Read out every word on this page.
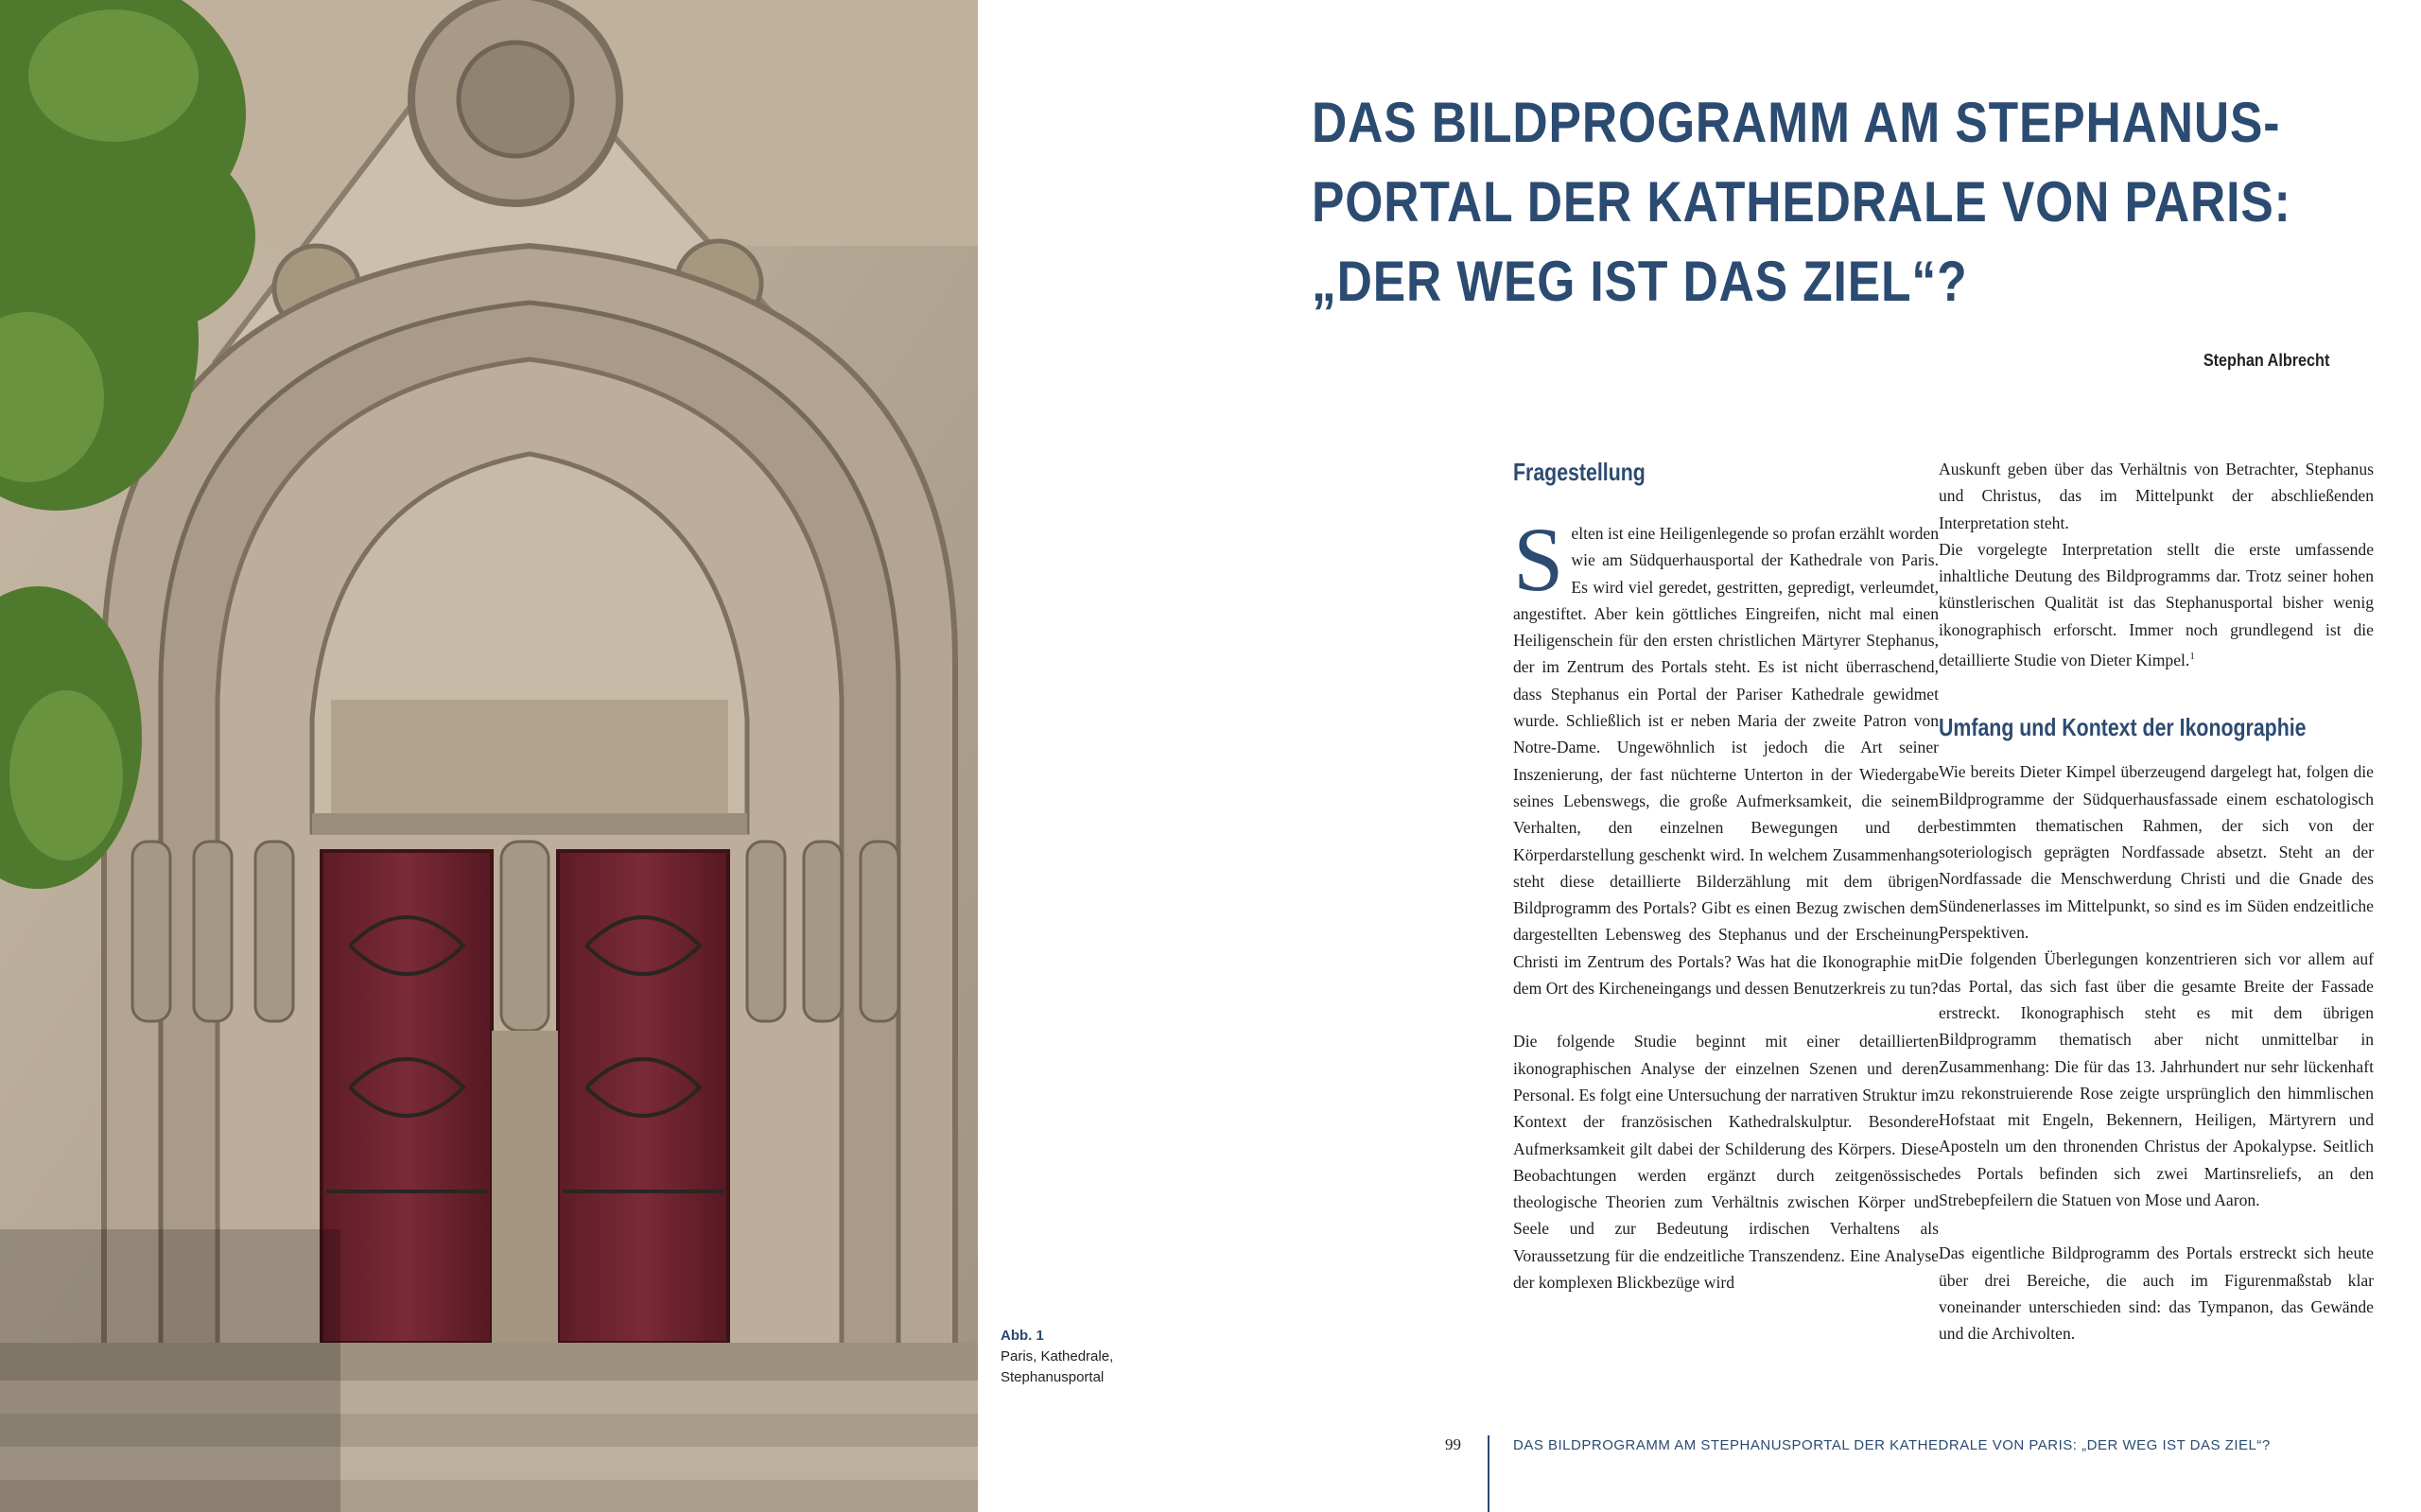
Abb. 1
Paris, Kathedrale,
Stephanusportal
DAS BILDPROGRAMM AM STEPHANUS-
PORTAL DER KATHEDRALE VON PARIS:
„DER WEG IST DAS ZIEL“?
Stephan Albrecht
Fragestellung

Selten ist eine Heiligenlegende so profan erzählt worden wie am Südquerhausportal der Kathedrale von Paris. Es wird viel geredet, gestritten, gepredigt, verleumdet, angestiftet. Aber kein göttliches Eingreifen, nicht mal einen Heiligenschein für den ersten christlichen Märtyrer Stephanus, der im Zentrum des Portals steht. Es ist nicht überraschend, dass Stephanus ein Portal der Pariser Kathedrale gewidmet wurde. Schließlich ist er neben Maria der zweite Patron von Notre-Dame. Ungewöhnlich ist jedoch die Art seiner Inszenierung, der fast nüchterne Unterton in der Wiedergabe seines Lebenswegs, die große Aufmerksamkeit, die seinem Verhalten, den einzelnen Bewegungen und der Körperdarstellung geschenkt wird. In welchem Zusammenhang steht diese detaillierte Bilderzählung mit dem übrigen Bildprogramm des Portals? Gibt es einen Bezug zwischen dem dargestellten Lebensweg des Stephanus und der Erscheinung Christi im Zentrum des Portals? Was hat die Ikonographie mit dem Ort des Kircheneingangs und dessen Benutzerkreis zu tun?

Die folgende Studie beginnt mit einer detaillierten ikonographischen Analyse der einzelnen Szenen und deren Personal. Es folgt eine Untersuchung der narrativen Struktur im Kontext der französischen Kathedralskulptur. Besondere Aufmerksamkeit gilt dabei der Schilderung des Körpers. Diese Beobachtungen werden ergänzt durch zeitgenössische theologische Theorien zum Verhältnis zwischen Körper und Seele und zur Bedeutung irdischen Verhaltens als Voraussetzung für die endzeitliche Transzendenz. Eine Analyse der komplexen Blickbezüge wird

Auskunft geben über das Verhältnis von Betrachter, Stephanus und Christus, das im Mittelpunkt der abschließenden Interpretation steht.

Die vorgelegte Interpretation stellt die erste umfassende inhaltliche Deutung des Bildprogramms dar. Trotz seiner hohen künstlerischen Qualität ist das Stephanusportal bisher wenig ikonographisch erforscht. Immer noch grundlegend ist die detaillierte Studie von Dieter Kimpel.$^1$

Umfang und Kontext der Ikonographie

Wie bereits Dieter Kimpel überzeugend dargelegt hat, folgen die Bildprogramme der Südquerhausfassade einem eschatologisch bestimmten thematischen Rahmen, der sich von der soteriologisch geprägten Nordfassade absetzt. Steht an der Nordfassade die Menschwerdung Christi und die Gnade des Sündenerlasses im Mittelpunkt, so sind es im Süden endzeitliche Perspektiven.

Die folgenden Überlegungen konzentrieren sich vor allem auf das Portal, das sich fast über die gesamte Breite der Fassade erstreckt. Ikonographisch steht es mit dem übrigen Bildprogramm thematisch aber nicht unmittelbar in Zusammenhang: Die für das 13. Jahrhundert nur sehr lückenhaft zu rekonstruierende Rose zeigte ursprünglich den himmlischen Hofstaat mit Engeln, Bekennern, Heiligen, Märtyrern und Aposteln um den thronenden Christus der Apokalypse. Seitlich des Portals befinden sich zwei Martinsreliefs, an den Strebepfeilern die Statuen von Mose und Aaron.

Das eigentliche Bildprogramm des Portals erstreckt sich heute über drei Bereiche, die auch im Figurenmaßstab klar voneinander unterschieden sind: das Tympanon, das Gewände und die Archivolten.

99	DAS BILDPROGRAMM AM STEPHANUSPORTAL DER KATHEDRALE VON PARIS: „DER WEG IST DAS ZIEL“?
